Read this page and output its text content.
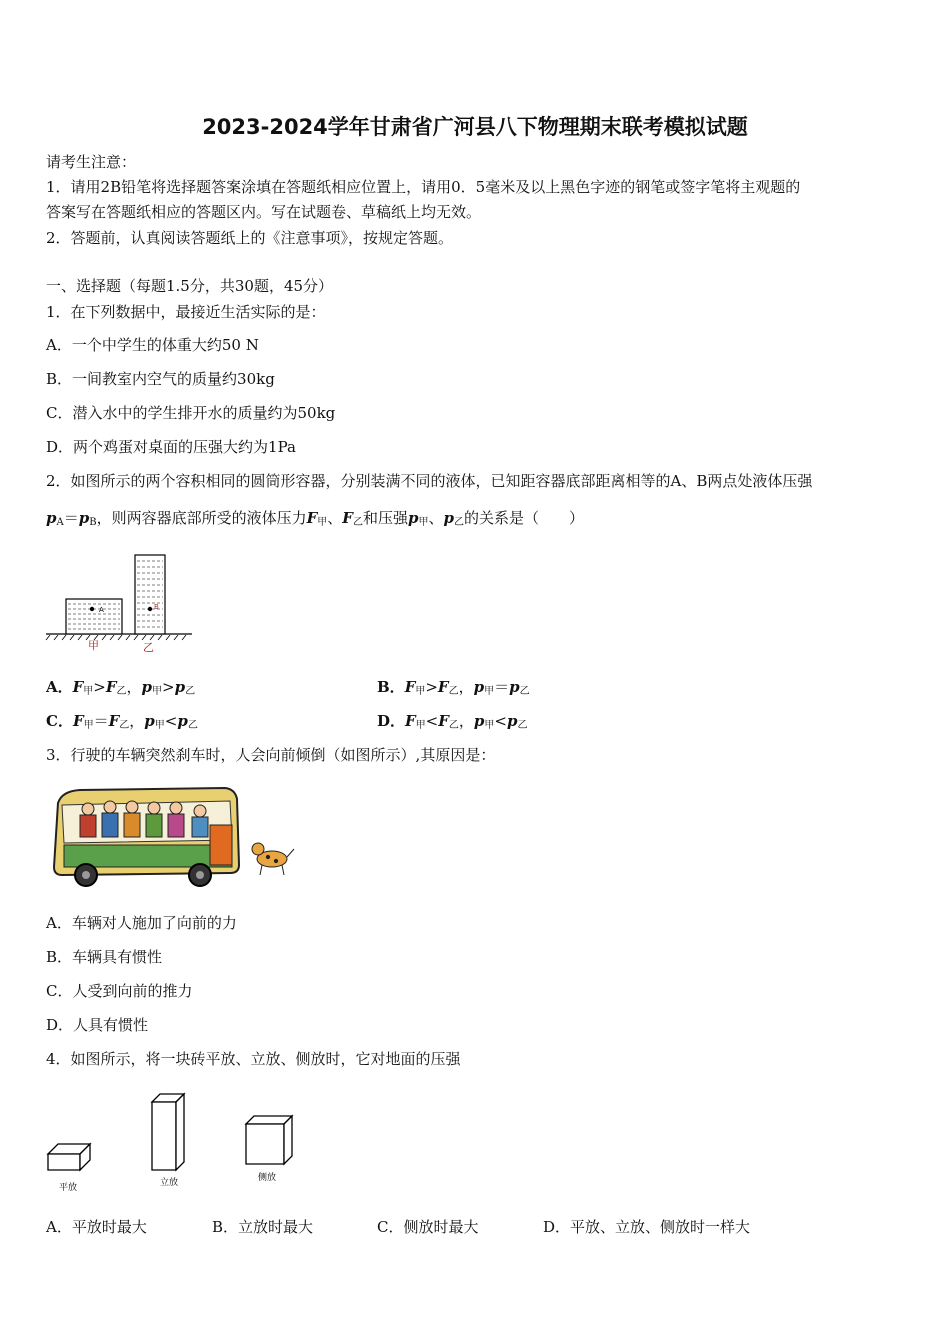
2023-2024学年甘肃省广河县八下物理期末联考模拟试题
请考生注意：
1．请用2B铅笔将选择题答案涂填在答题纸相应位置上，请用0．5毫米及以上黑色字迹的钢笔或签字笔将主观题的
答案写在答题纸相应的答题区内。写在试题卷、草稿纸上均无效。
2．答题前，认真阅读答题纸上的《注意事项》，按规定答题。
一、选择题（每题1.5分，共30题，45分）
1．在下列数据中，最接近生活实际的是：
A．一个中学生的体重大约50 N
B．一间教室内空气的质量约30kg
C．潜入水中的学生排开水的质量约为50kg
D．两个鸡蛋对桌面的压强大约为1Pa
2．如图所示的两个容积相同的圆筒形容器，分别装满不同的液体，已知距容器底部距离相等的A、B两点处液体压强
$p_A=p_B$，则两容器底部所受的液体压力$F_甲$、$F_乙$和压强$p_甲$、$p_乙$的关系是（　　）
A	B
甲	乙
A．$F_甲>F_乙$，$p_甲>p_乙$	B．$F_甲>F_乙$，$p_甲=p_乙$
C．$F_甲=F_乙$，$p_甲<p_乙$	D．$F_甲<F_乙$，$p_甲<p_乙$
3．行驶的车辆突然刹车时，人会向前倾倒（如图所示）,其原因是：
A．车辆对人施加了向前的力
B．车辆具有惯性
C．人受到向前的推力
D．人具有惯性
4．如图所示，将一块砖平放、立放、侧放时，它对地面的压强
平放	立放	侧放
A．平放时最大	B．立放时最大	C．侧放时最大	D．平放、立放、侧放时一样大
